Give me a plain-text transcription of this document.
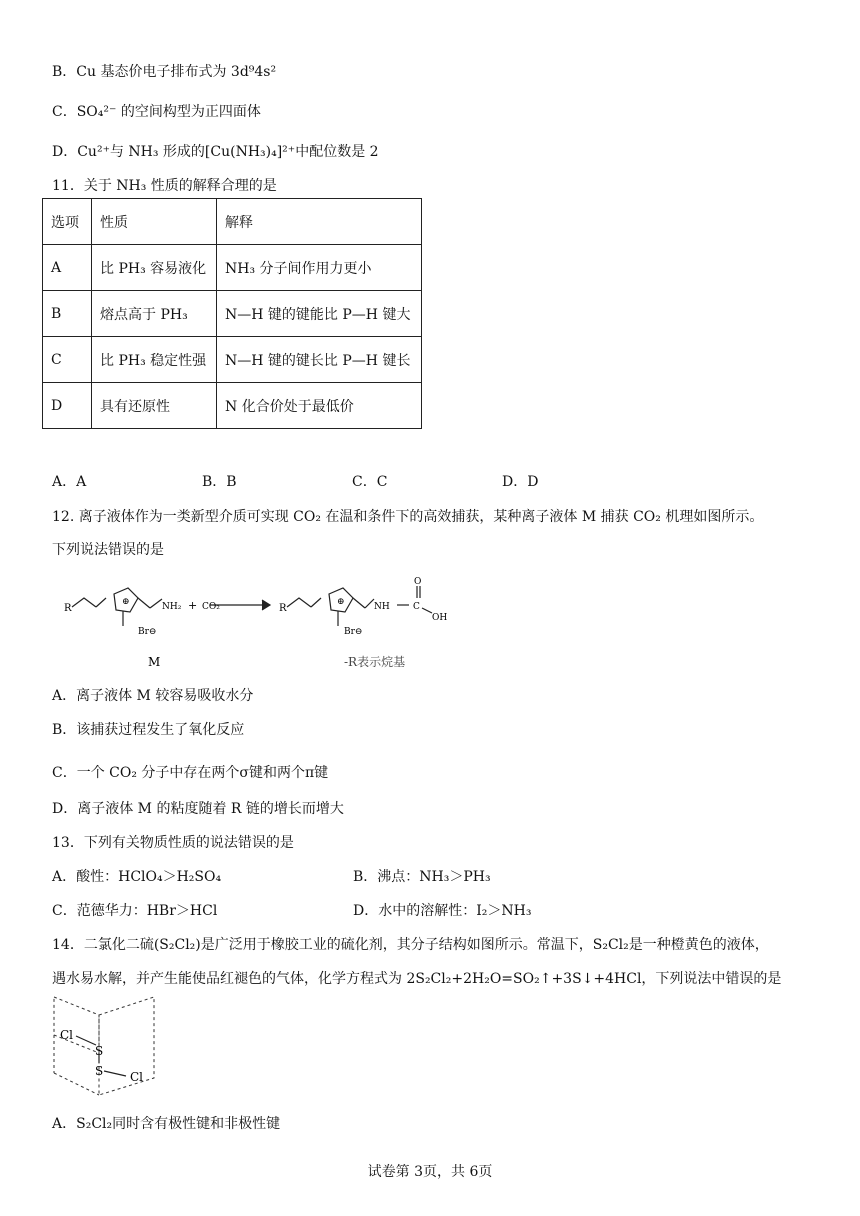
B．Cu 基态价电子排布式为 3d⁹4s²
C．SO₄²⁻ 的空间构型为正四面体
D．Cu²⁺与 NH₃ 形成的[Cu(NH₃)₄]²⁺中配位数是 2
11．关于 NH₃ 性质的解释合理的是
选项	性质	解释
A	比 PH₃ 容易液化	NH₃ 分子间作用力更小
B	熔点高于 PH₃	N—H 键的键能比 P—H 键大
C	比 PH₃ 稳定性强	N—H 键的键长比 P—H 键长
D	具有还原性	N 化合价处于最低价
A．A	B．B	C．C	D．D
12. 离子液体作为一类新型介质可实现 CO₂ 在温和条件下的高效捕获，某种离子液体 M 捕获 CO₂ 机理如图所示。
下列说法错误的是
R
⊕	NH₂ + CO₂
Br⊖
R
⊕	NH	C
O
OH
Br⊖
M	-R表示烷基
A．离子液体 M 较容易吸收水分
B．该捕获过程发生了氧化反应
C．一个 CO₂ 分子中存在两个σ键和两个π键
D．离子液体 M 的粘度随着 R 链的增长而增大
13．下列有关物质性质的说法错误的是
A．酸性：HClO₄＞H₂SO₄	B．沸点：NH₃＞PH₃
C．范德华力：HBr＞HCl	D．水中的溶解性：I₂＞NH₃
14．二氯化二硫(S₂Cl₂)是广泛用于橡胶工业的硫化剂，其分子结构如图所示。常温下，S₂Cl₂是一种橙黄色的液体，
遇水易水解，并产生能使品红褪色的气体，化学方程式为 2S₂Cl₂+2H₂O=SO₂↑+3S↓+4HCl，下列说法中错误的是
Cl
S
S Cl
A．S₂Cl₂同时含有极性键和非极性键
试卷第 3页，共 6页
